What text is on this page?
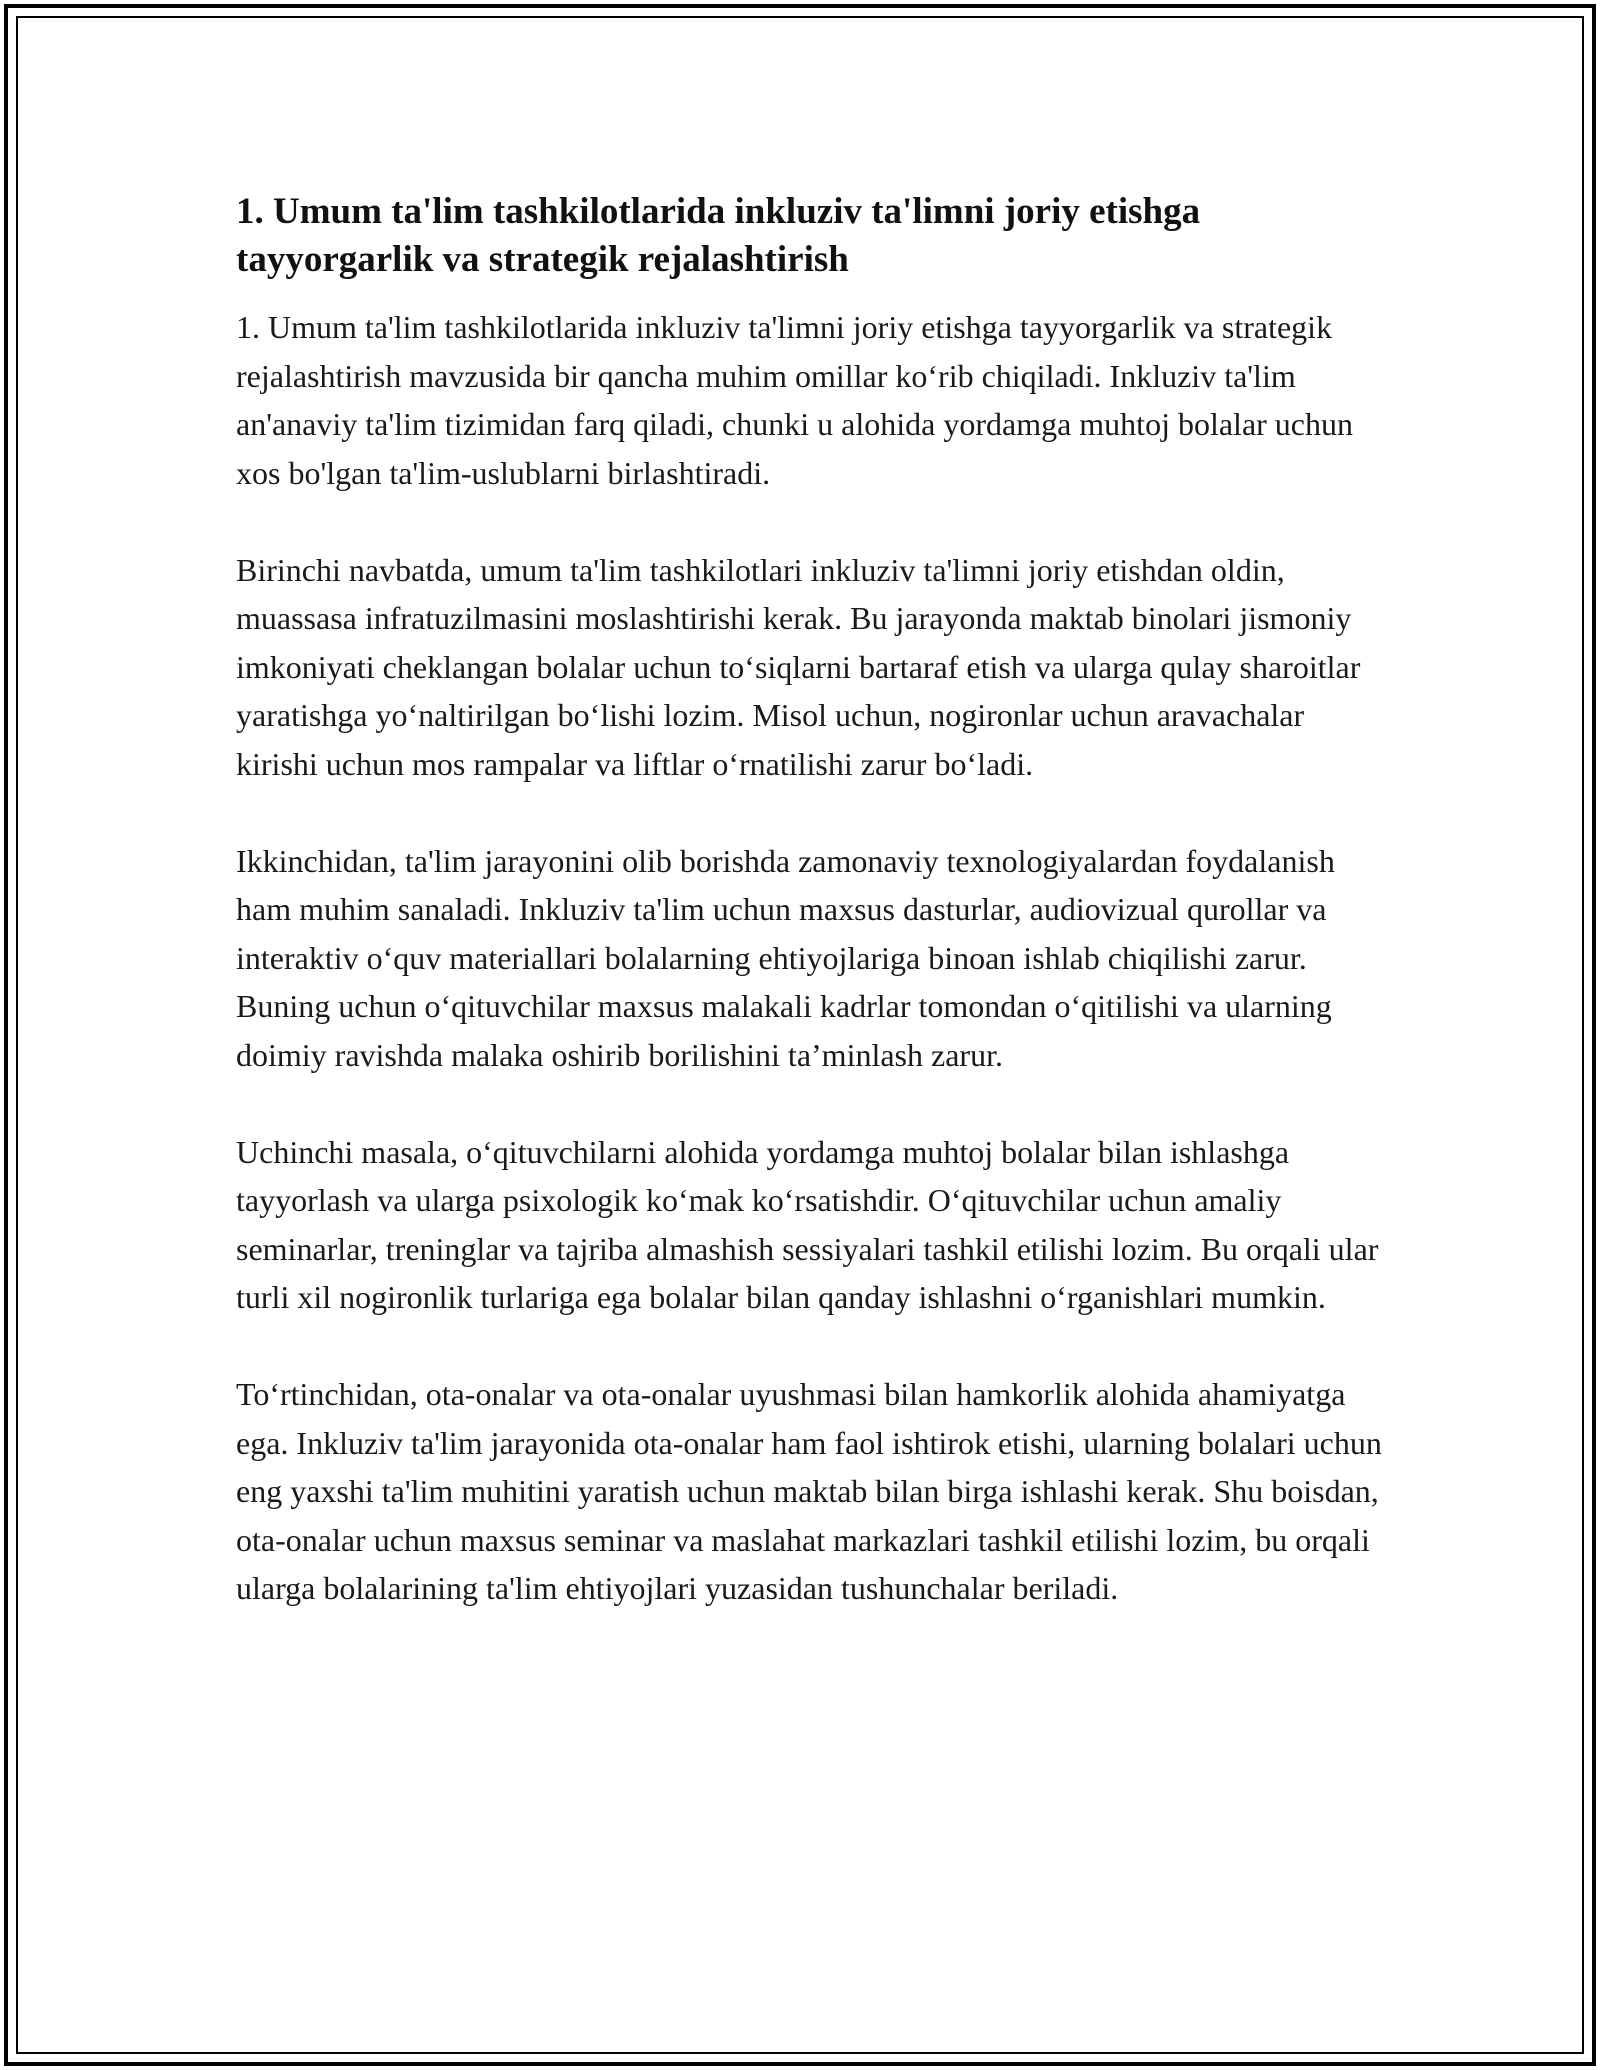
1. Umum ta'lim tashkilotlarida inkluziv ta'limni joriy etishga tayyorgarlik va strategik rejalashtirish

1. Umum ta'lim tashkilotlarida inkluziv ta'limni joriy etishga tayyorgarlik va strategik rejalashtirish mavzusida bir qancha muhim omillar koʻrib chiqiladi. Inkluziv ta'lim an'anaviy ta'lim tizimidan farq qiladi, chunki u alohida yordamga muhtoj bolalar uchun xos bo'lgan ta'lim-uslublarni birlashtiradi.

Birinchi navbatda, umum ta'lim tashkilotlari inkluziv ta'limni joriy etishdan oldin, muassasa infratuzilmasini moslashtirishi kerak. Bu jarayonda maktab binolari jismoniy imkoniyati cheklangan bolalar uchun toʻsiqlarni bartaraf etish va ularga qulay sharoitlar yaratishga yoʻnaltirilgan boʻlishi lozim. Misol uchun, nogironlar uchun aravachalar kirishi uchun mos rampalar va liftlar oʻrnatilishi zarur boʻladi.

Ikkinchidan, ta'lim jarayonini olib borishda zamonaviy texnologiyalardan foydalanish ham muhim sanaladi. Inkluziv ta'lim uchun maxsus dasturlar, audiovizual qurollar va interaktiv oʻquv materiallari bolalarning ehtiyojlariga binoan ishlab chiqilishi zarur. Buning uchun oʻqituvchilar maxsus malakali kadrlar tomondan oʻqitilishi va ularning doimiy ravishda malaka oshirib borilishini ta’minlash zarur.

Uchinchi masala, oʻqituvchilarni alohida yordamga muhtoj bolalar bilan ishlashga tayyorlash va ularga psixologik koʻmak koʻrsatishdir. Oʻqituvchilar uchun amaliy seminarlar, treninglar va tajriba almashish sessiyalari tashkil etilishi lozim. Bu orqali ular turli xil nogironlik turlariga ega bolalar bilan qanday ishlashni oʻrganishlari mumkin.

Toʻrtinchidan, ota-onalar va ota-onalar uyushmasi bilan hamkorlik alohida ahamiyatga ega. Inkluziv ta'lim jarayonida ota-onalar ham faol ishtirok etishi, ularning bolalari uchun eng yaxshi ta'lim muhitini yaratish uchun maktab bilan birga ishlashi kerak. Shu boisdan, ota-onalar uchun maxsus seminar va maslahat markazlari tashkil etilishi lozim, bu orqali ularga bolalarining ta'lim ehtiyojlari yuzasidan tushunchalar beriladi.
